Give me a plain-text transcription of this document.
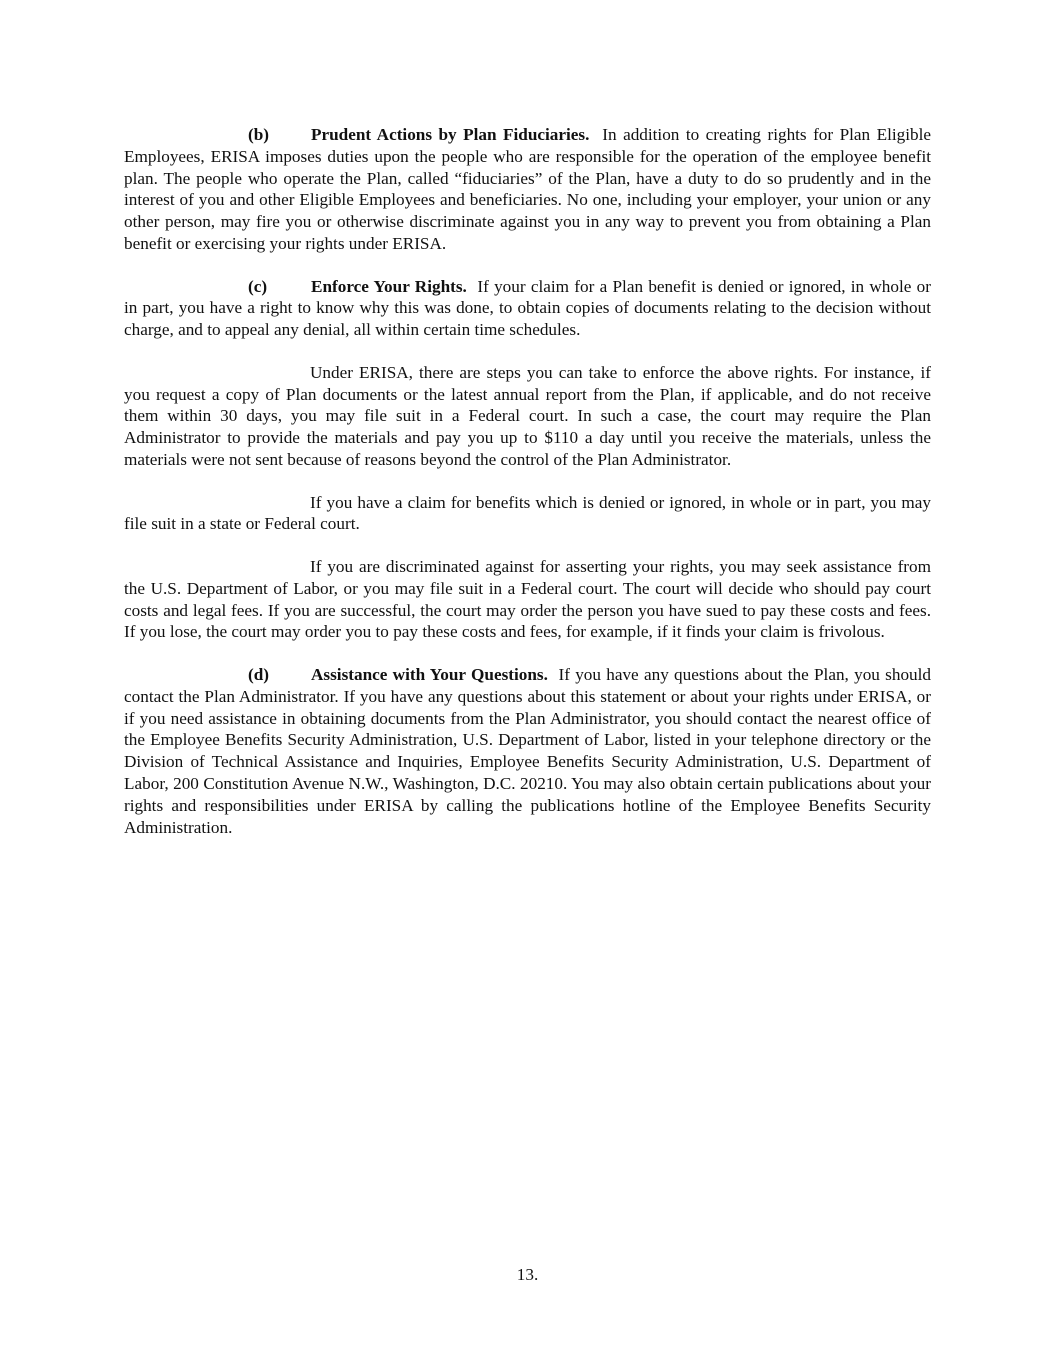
(b) Prudent Actions by Plan Fiduciaries. In addition to creating rights for Plan Eligible Employees, ERISA imposes duties upon the people who are responsible for the operation of the employee benefit plan. The people who operate the Plan, called “fiduciaries” of the Plan, have a duty to do so prudently and in the interest of you and other Eligible Employees and beneficiaries. No one, including your employer, your union or any other person, may fire you or otherwise discriminate against you in any way to prevent you from obtaining a Plan benefit or exercising your rights under ERISA.

(c)	Enforce Your Rights. If your claim for a Plan benefit is denied or ignored, in whole or in part, you have a right to know why this was done, to obtain copies of documents relating to the decision without charge, and to appeal any denial, all within certain time schedules.

Under ERISA, there are steps you can take to enforce the above rights. For instance, if you request a copy of Plan documents or the latest annual report from the Plan, if applicable, and do not receive them within 30 days, you may file suit in a Federal court. In such a case, the court may require the Plan Administrator to provide the materials and pay you up to $110 a day until you receive the materials, unless the materials were not sent because of reasons beyond the control of the Plan Administrator.

If you have a claim for benefits which is denied or ignored, in whole or in part, you may file suit in a state or Federal court.

If you are discriminated against for asserting your rights, you may seek assistance from the U.S. Department of Labor, or you may file suit in a Federal court. The court will decide who should pay court costs and legal fees. If you are successful, the court may order the person you have sued to pay these costs and fees. If you lose, the court may order you to pay these costs and fees, for example, if it finds your claim is frivolous.

(d) Assistance with Your Questions. If you have any questions about the Plan, you should contact the Plan Administrator. If you have any questions about this statement or about your rights under ERISA, or if you need assistance in obtaining documents from the Plan Administrator, you should contact the nearest office of the Employee Benefits Security Administration, U.S. Department of Labor, listed in your telephone directory or the Division of Technical Assistance and Inquiries, Employee Benefits Security Administration, U.S. Department of Labor, 200 Constitution Avenue N.W., Washington, D.C. 20210. You may also obtain certain publications about your rights and responsibilities under ERISA by calling the publications hotline of the Employee Benefits Security Administration.

13.
